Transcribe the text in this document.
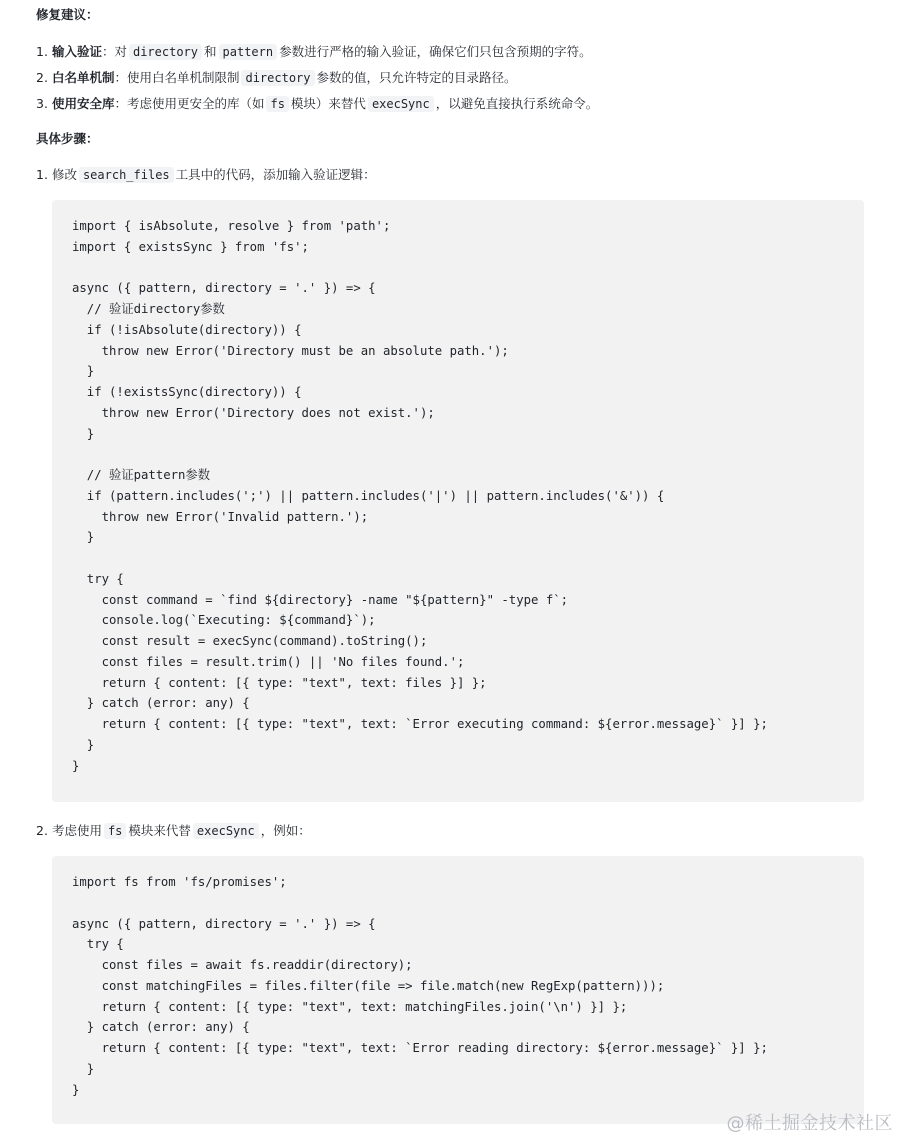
修复建议：
1. 输入验证：对 directory 和 pattern 参数进行严格的输入验证，确保它们只包含预期的字符。
2. 白名单机制：使用白名单机制限制 directory 参数的值，只允许特定的目录路径。
3. 使用安全库：考虑使用更安全的库（如 fs 模块）来替代 execSync ，以避免直接执行系统命令。
具体步骤：
1. 修改 search_files 工具中的代码，添加输入验证逻辑：
import { isAbsolute, resolve } from 'path';
import { existsSync } from 'fs';

async ({ pattern, directory = '.' }) => {
// 验证directory参数
if (!isAbsolute(directory)) {
throw new Error('Directory must be an absolute path.');
}
if (!existsSync(directory)) {
throw new Error('Directory does not exist.');
}

// 验证pattern参数
if (pattern.includes(';') || pattern.includes('|') || pattern.includes('&')) {
throw new Error('Invalid pattern.');
}

try {
const command = `find ${directory} -name "${pattern}" -type f`;
console.log(`Executing: ${command}`);
const result = execSync(command).toString();
const files = result.trim() || 'No files found.';
return { content: [{ type: "text", text: files }] };
} catch (error: any) {
return { content: [{ type: "text", text: `Error executing command: ${error.message}` }] };
}
}
2. 考虑使用 fs 模块来代替 execSync ，例如：
import fs from 'fs/promises';

async ({ pattern, directory = '.' }) => {
try {
const files = await fs.readdir(directory);
const matchingFiles = files.filter(file => file.match(new RegExp(pattern)));
return { content: [{ type: "text", text: matchingFiles.join('\n') }] };
} catch (error: any) {
return { content: [{ type: "text", text: `Error reading directory: ${error.message}` }] };
}
}
@稀土掘金技术社区
